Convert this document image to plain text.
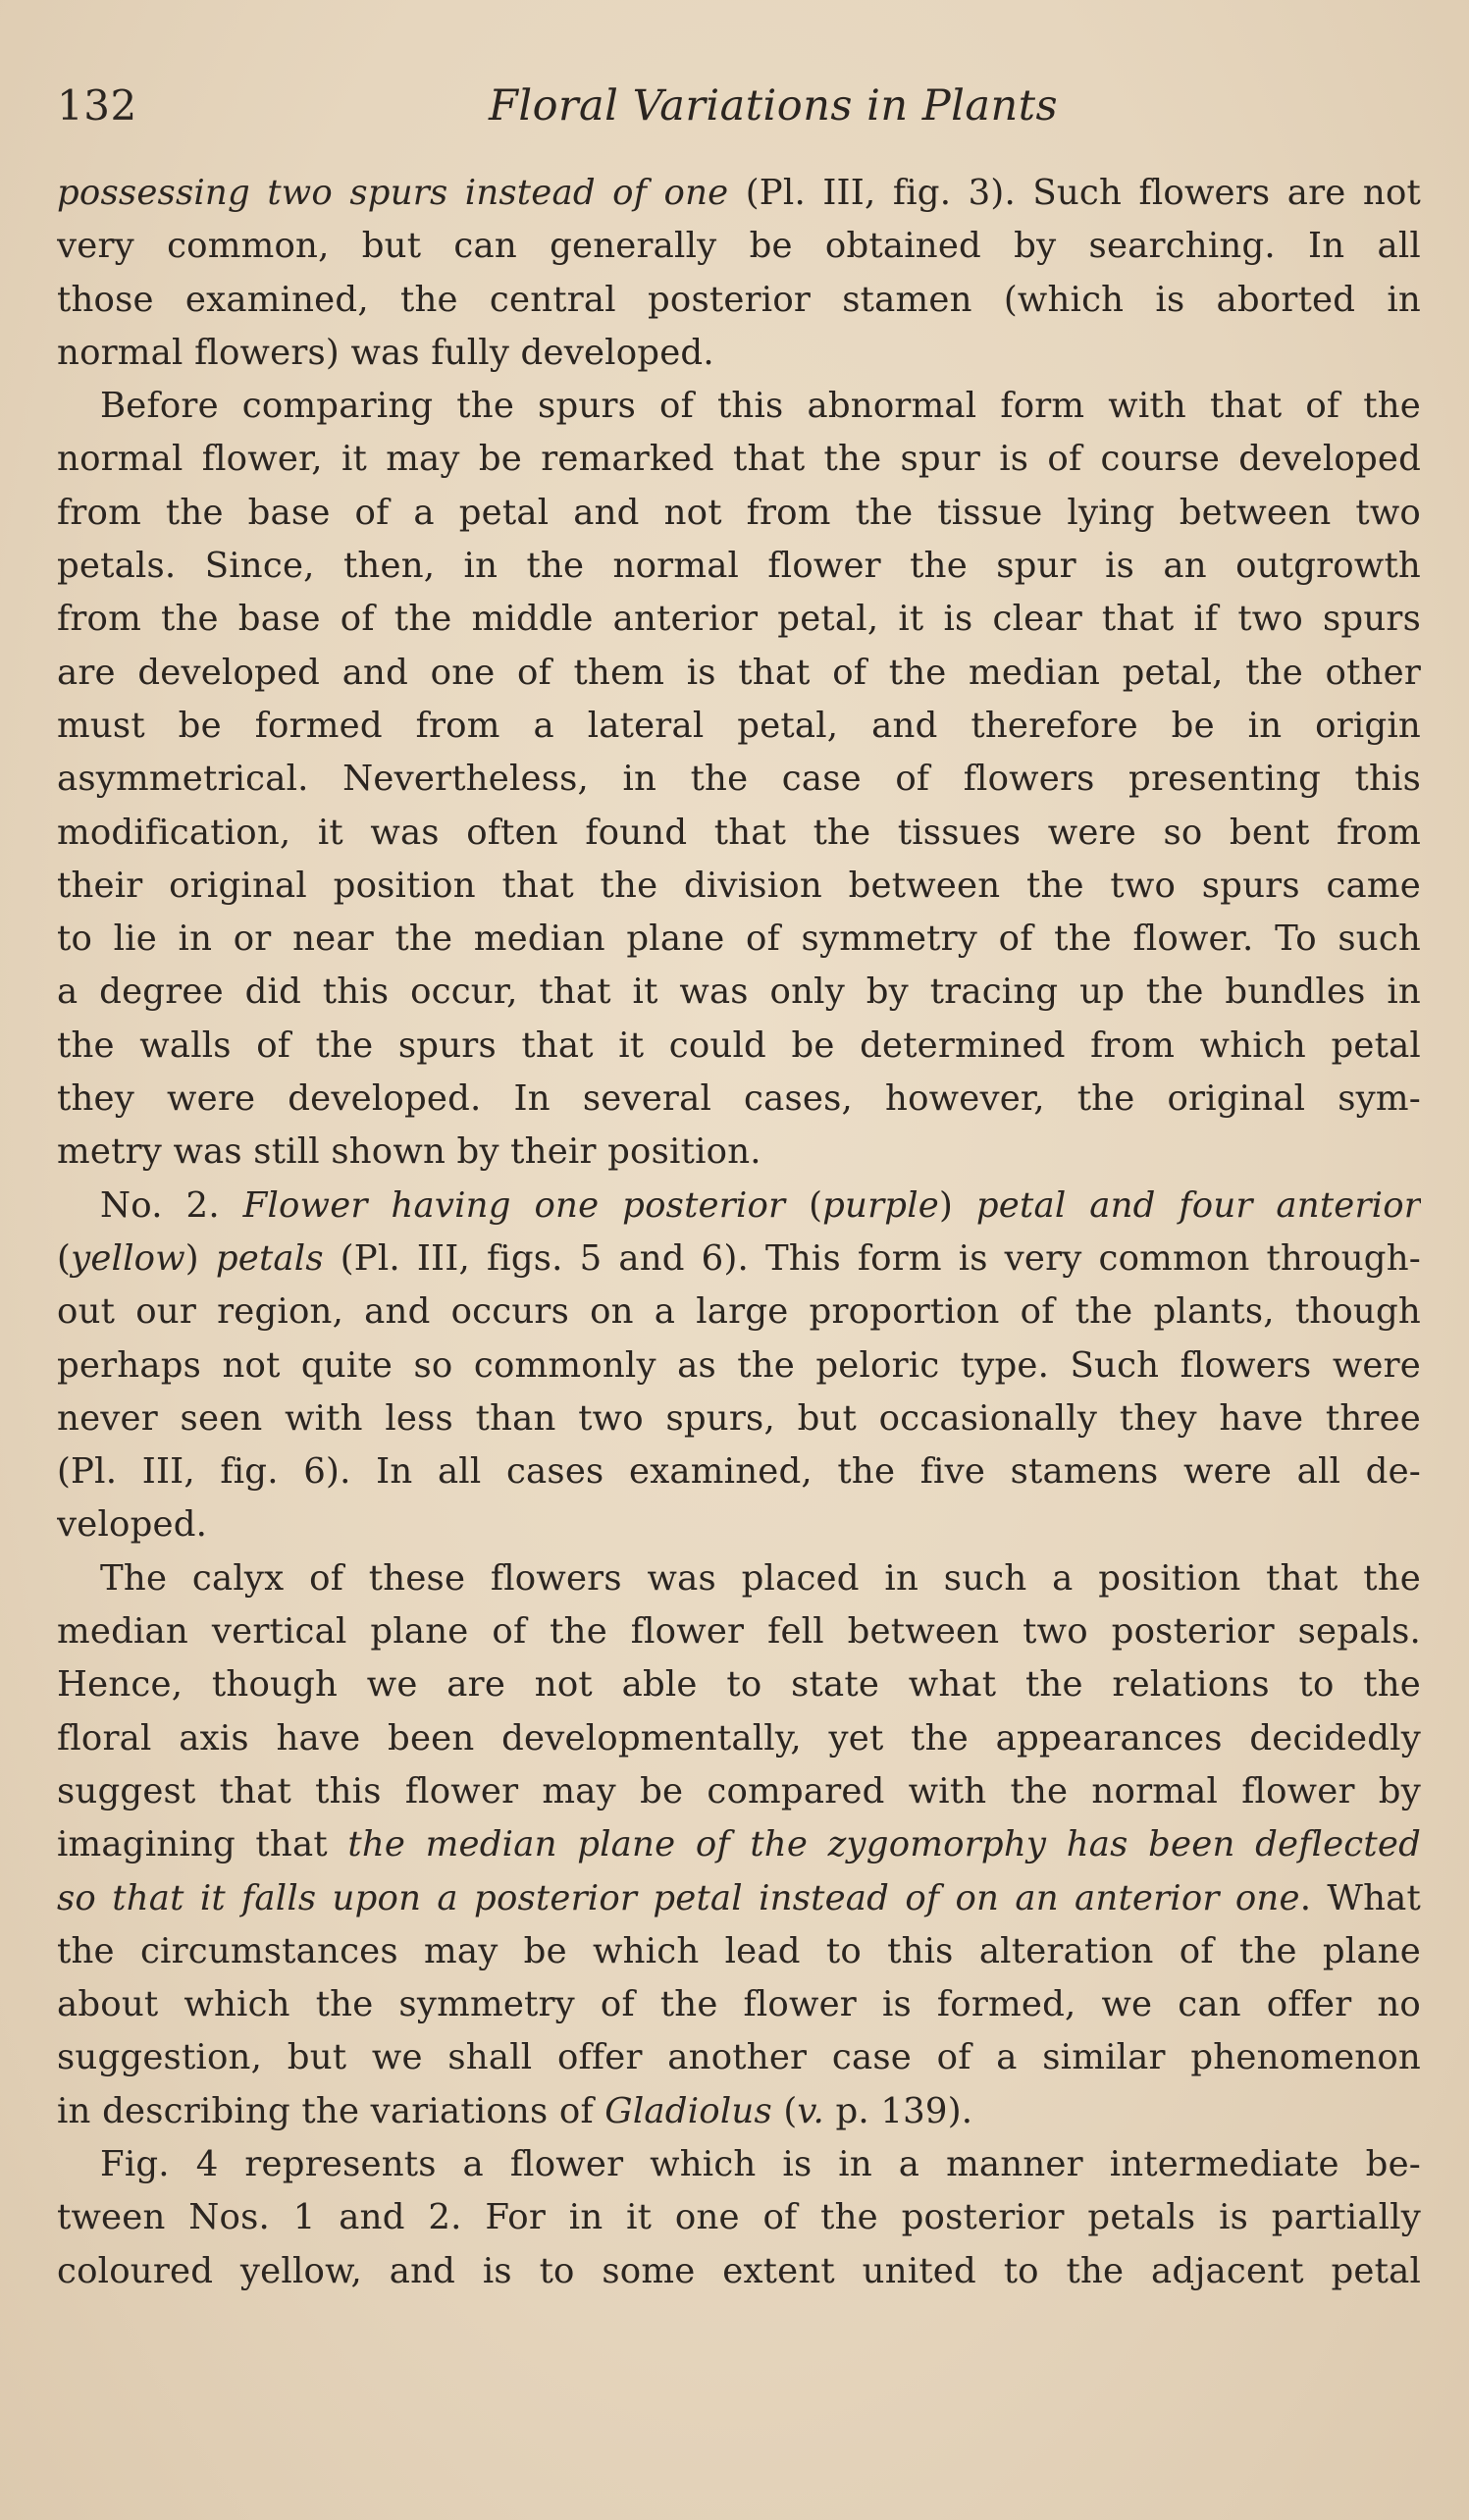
132	Floral Variations in Plants

possessing two spurs instead of one (Pl. III, fig. 3). Such flowers are not
very common, but can generally be obtained by searching. In all
those examined, the central posterior stamen (which is aborted in
normal flowers) was fully developed.

Before comparing the spurs of this abnormal form with that of the
normal flower, it may be remarked that the spur is of course developed
from the base of a petal and not from the tissue lying between two
petals. Since, then, in the normal flower the spur is an outgrowth
from the base of the middle anterior petal, it is clear that if two spurs
are developed and one of them is that of the median petal, the other
must be formed from a lateral petal, and therefore be in origin
asymmetrical. Nevertheless, in the case of flowers presenting this
modification, it was often found that the tissues were so bent from
their original position that the division between the two spurs came
to lie in or near the median plane of symmetry of the flower. To such
a degree did this occur, that it was only by tracing up the bundles in
the walls of the spurs that it could be determined from which petal
they were developed. In several cases, however, the original sym-
metry was still shown by their position.

No. 2. Flower having one posterior (purple) petal and four anterior
(yellow) petals (Pl. III, figs. 5 and 6). This form is very common through-
out our region, and occurs on a large proportion of the plants, though
perhaps not quite so commonly as the peloric type. Such flowers were
never seen with less than two spurs, but occasionally they have three
(Pl. III, fig. 6). In all cases examined, the five stamens were all de-
veloped.

The calyx of these flowers was placed in such a position that the
median vertical plane of the flower fell between two posterior sepals.
Hence, though we are not able to state what the relations to the
floral axis have been developmentally, yet the appearances decidedly
suggest that this flower may be compared with the normal flower by
imagining that the median plane of the zygomorphy has been deflected
so that it falls upon a posterior petal instead of on an anterior one. What
the circumstances may be which lead to this alteration of the plane
about which the symmetry of the flower is formed, we can offer no
suggestion, but we shall offer another case of a similar phenomenon
in describing the variations of Gladiolus (v. p. 139).

Fig. 4 represents a flower which is in a manner intermediate be-
tween Nos. 1 and 2. For in it one of the posterior petals is partially
coloured yellow, and is to some extent united to the adjacent petal
